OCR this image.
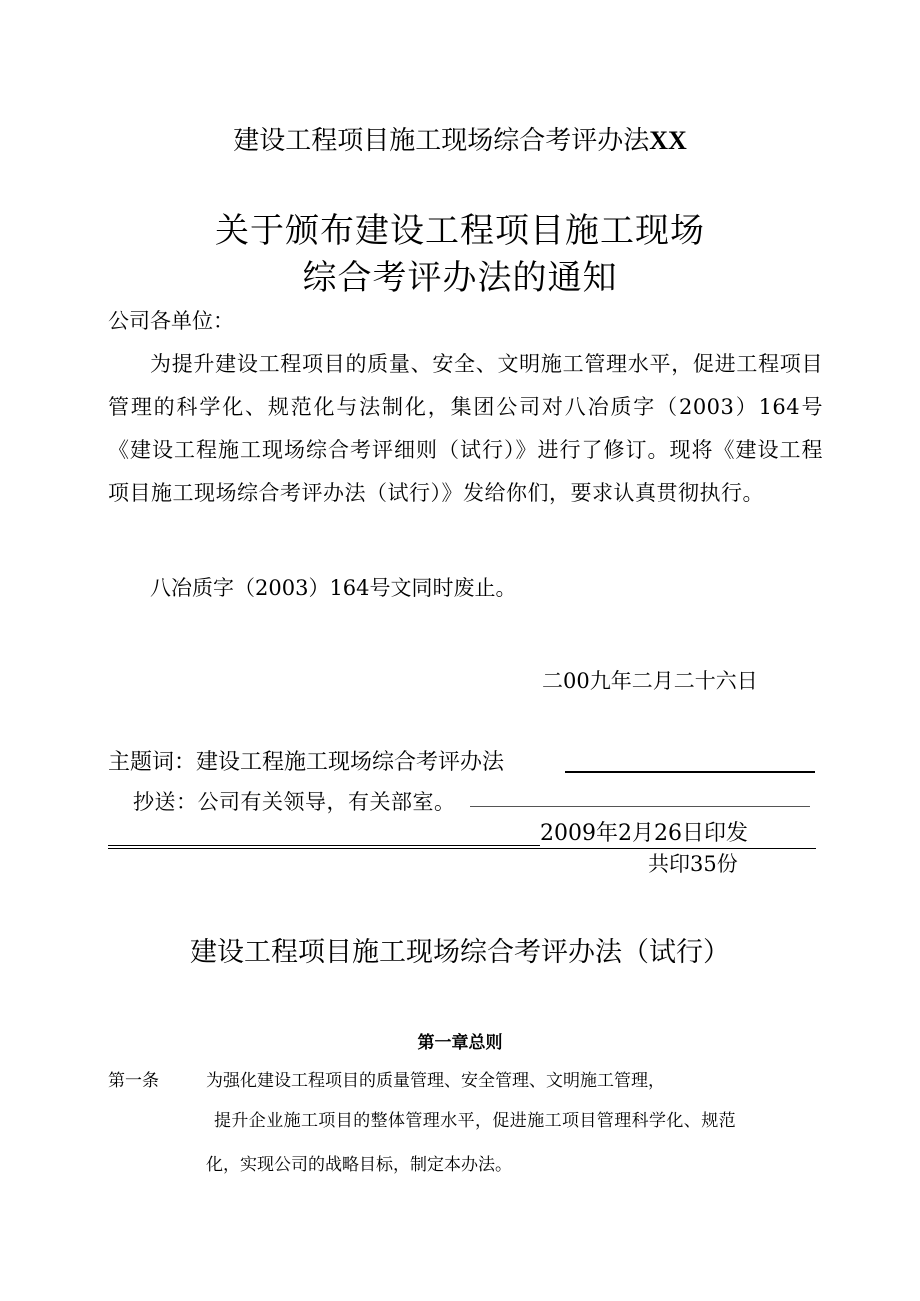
建设工程项目施工现场综合考评办法XX
关于颁布建设工程项目施工现场
综合考评办法的通知
公司各单位：
为提升建设工程项目的质量、安全、文明施工管理水平，促进工程项目管理的科学化、规范化与法制化，集团公司对八冶质字（2003）164号《建设工程施工现场综合考评细则（试行）》进行了修订。现将《建设工程项目施工现场综合考评办法（试行）》发给你们，要求认真贯彻执行。
八冶质字（2003）164号文同时废止。
二00九年二月二十六日
主题词：建设工程施工现场综合考评办法
抄送：公司有关领导，有关部室。
2009年2月26日印发
共印35份
建设工程项目施工现场综合考评办法（试行）
第一章总则
第一条	为强化建设工程项目的质量管理、安全管理、文明施工管理，
提升企业施工项目的整体管理水平，促进施工项目管理科学化、规范
化，实现公司的战略目标，制定本办法。
